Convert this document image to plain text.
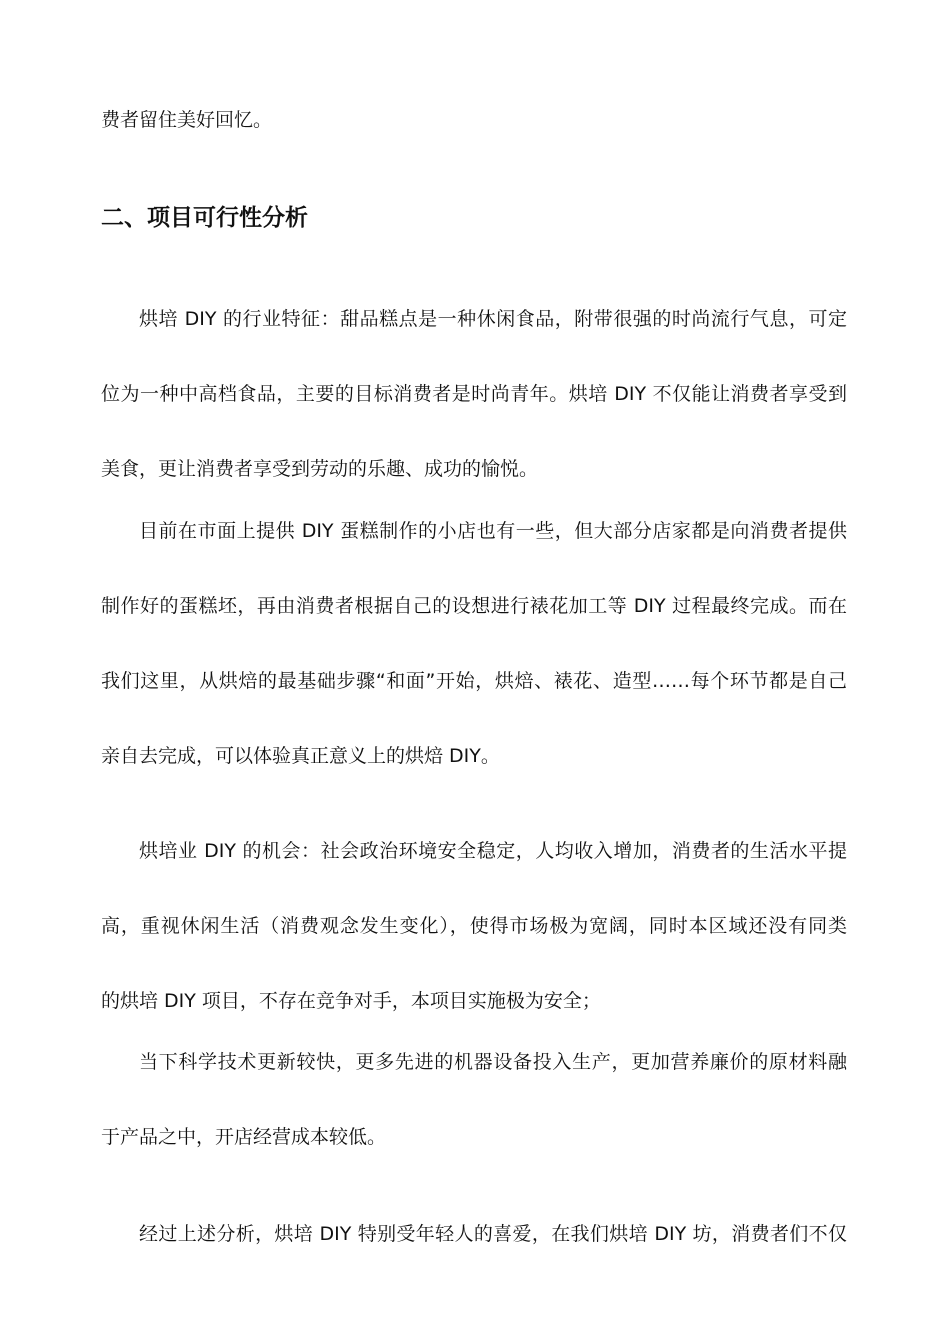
费者留住美好回忆。
二、项目可行性分析
烘培 DIY 的行业特征：甜品糕点是一种休闲食品，附带很强的时尚流行气息，可定
位为一种中高档食品，主要的目标消费者是时尚青年。烘培 DIY 不仅能让消费者享受到
美食，更让消费者享受到劳动的乐趣、成功的愉悦。
目前在市面上提供 DIY 蛋糕制作的小店也有一些，但大部分店家都是向消费者提供
制作好的蛋糕坯，再由消费者根据自己的设想进行裱花加工等 DIY 过程最终完成。而在
我们这里，从烘焙的最基础步骤“和面”开始，烘焙、裱花、造型……每个环节都是自己
亲自去完成，可以体验真正意义上的烘焙 DIY。
烘培业 DIY 的机会：社会政治环境安全稳定，人均收入增加，消费者的生活水平提
高，重视休闲生活（消费观念发生变化），使得市场极为宽阔，同时本区域还没有同类
的烘培 DIY 项目，不存在竞争对手，本项目实施极为安全；
当下科学技术更新较快，更多先进的机器设备投入生产，更加营养廉价的原材料融
于产品之中，开店经营成本较低。
经过上述分析，烘培 DIY 特别受年轻人的喜爱，在我们烘培 DIY 坊，消费者们不仅
